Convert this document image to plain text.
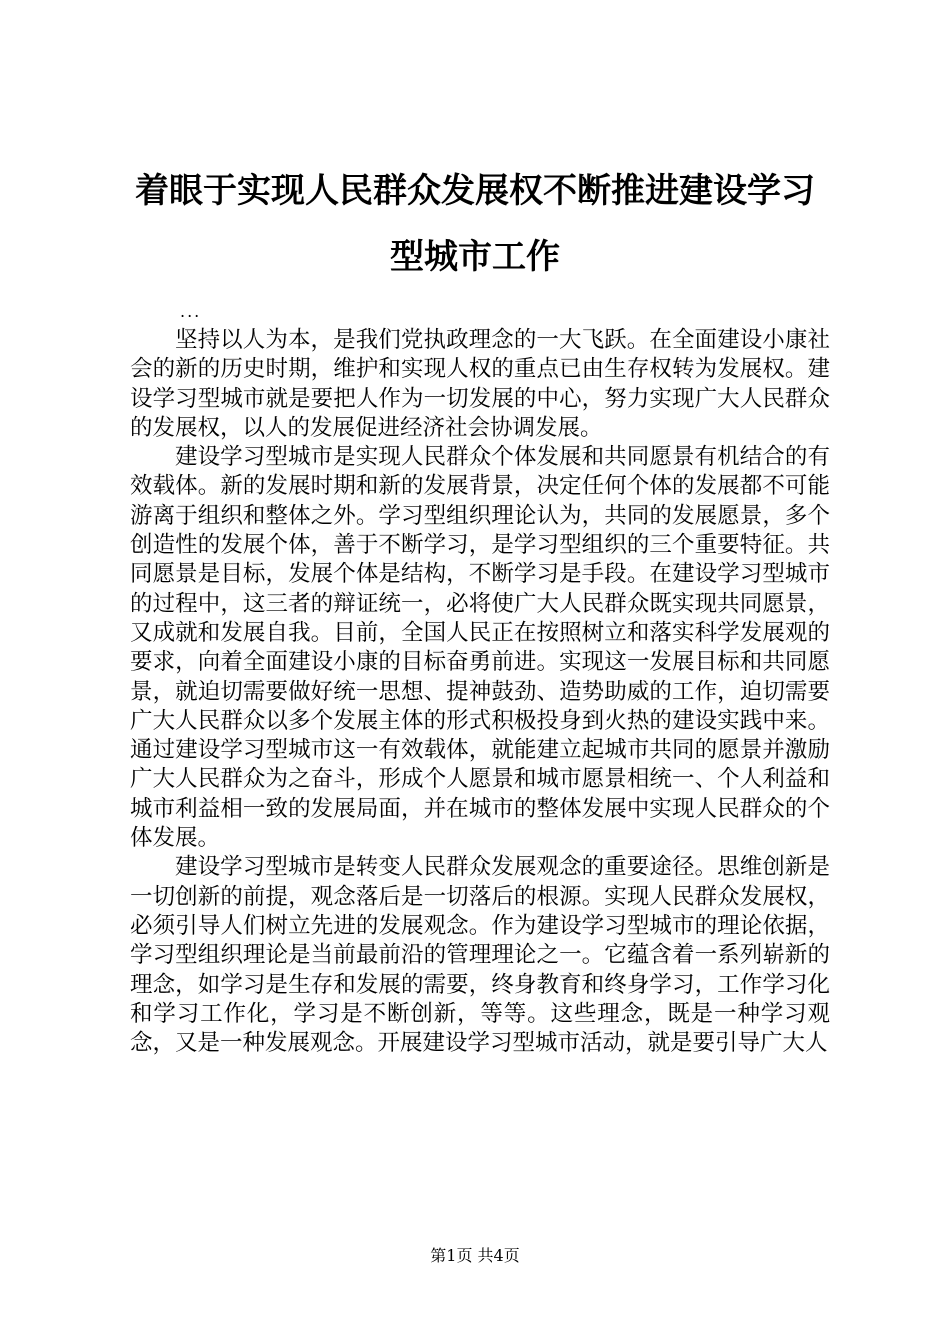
着眼于实现人民群众发展权不断推进建设学习
型城市工作
...

坚持以人为本，是我们党执政理念的一大飞跃。在全面建设小康社会的新的历史时期，维护和实现人权的重点已由生存权转为发展权。建设学习型城市就是要把人作为一切发展的中心，努力实现广大人民群众的发展权，以人的发展促进经济社会协调发展。

建设学习型城市是实现人民群众个体发展和共同愿景有机结合的有效载体。新的发展时期和新的发展背景，决定任何个体的发展都不可能游离于组织和整体之外。学习型组织理论认为，共同的发展愿景，多个创造性的发展个体，善于不断学习，是学习型组织的三个重要特征。共同愿景是目标，发展个体是结构，不断学习是手段。在建设学习型城市的过程中，这三者的辩证统一，必将使广大人民群众既实现共同愿景，又成就和发展自我。目前，全国人民正在按照树立和落实科学发展观的要求，向着全面建设小康的目标奋勇前进。实现这一发展目标和共同愿景，就迫切需要做好统一思想、提神鼓劲、造势助威的工作，迫切需要广大人民群众以多个发展主体的形式积极投身到火热的建设实践中来。通过建设学习型城市这一有效载体，就能建立起城市共同的愿景并激励广大人民群众为之奋斗，形成个人愿景和城市愿景相统一、个人利益和城市利益相一致的发展局面，并在城市的整体发展中实现人民群众的个体发展。

建设学习型城市是转变人民群众发展观念的重要途径。思维创新是一切创新的前提，观念落后是一切落后的根源。实现人民群众发展权，必须引导人们树立先进的发展观念。作为建设学习型城市的理论依据，学习型组织理论是当前最前沿的管理理论之一。它蕴含着一系列崭新的理念，如学习是生存和发展的需要，终身教育和终身学习，工作学习化和学习工作化，学习是不断创新，等等。这些理念，既是一种学习观念，又是一种发展观念。开展建设学习型城市活动，就是要引导广大人

第1页 共4页
